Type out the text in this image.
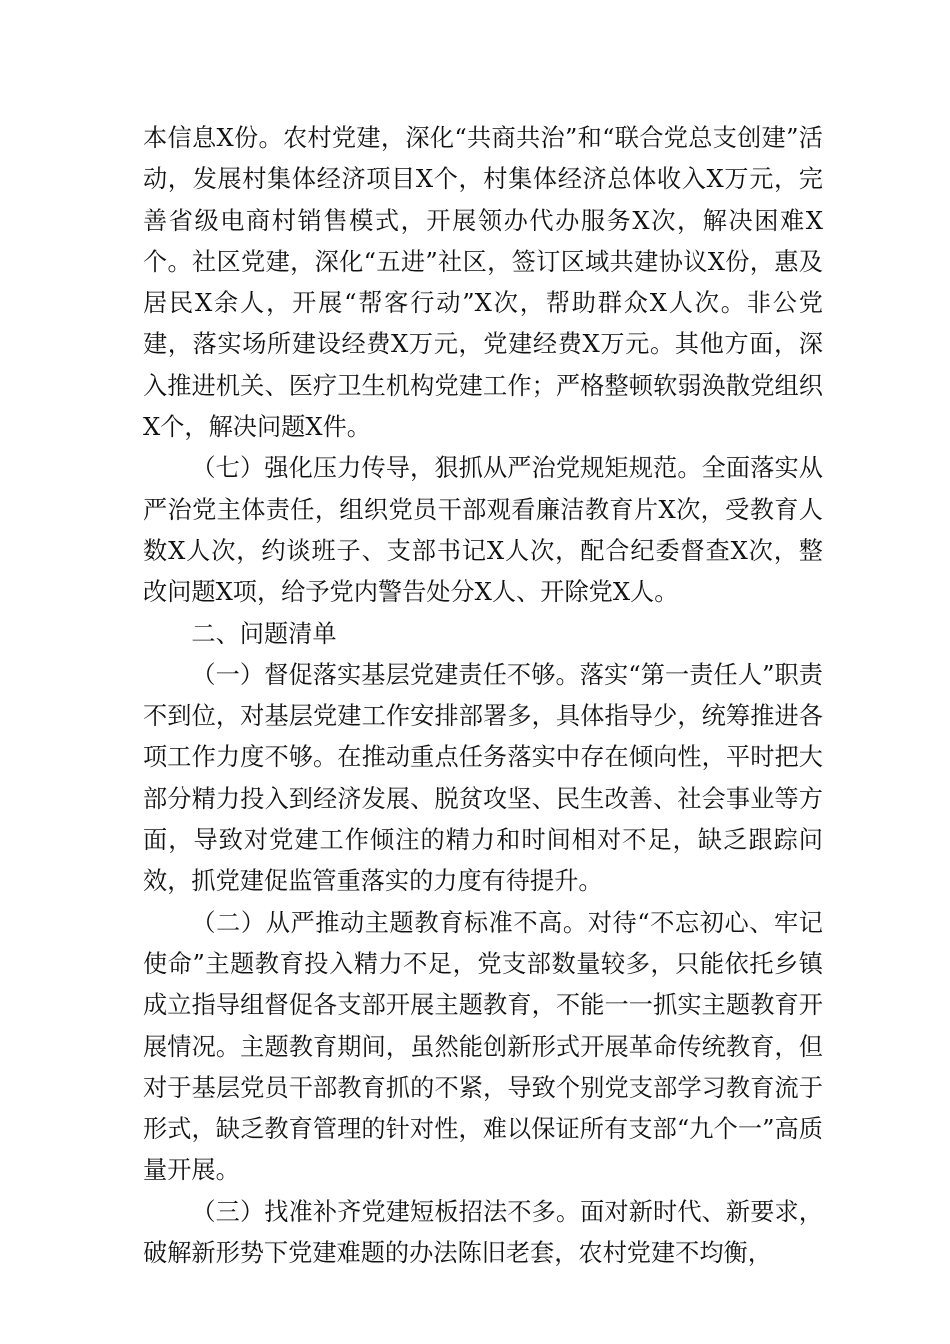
本信息X份。农村党建，深化“共商共治”和“联合党总支创建”活动，发展村集体经济项目X个，村集体经济总体收入X万元，完善省级电商村销售模式，开展领办代办服务X次，解决困难X个。社区党建，深化“五进”社区，签订区域共建协议X份，惠及居民X余人，开展“帮客行动”X次，帮助群众X人次。非公党建，落实场所建设经费X万元，党建经费X万元。其他方面，深入推进机关、医疗卫生机构党建工作；严格整顿软弱涣散党组织X个，解决问题X件。

（七）强化压力传导，狠抓从严治党规矩规范。全面落实从严治党主体责任，组织党员干部观看廉洁教育片X次，受教育人数X人次，约谈班子、支部书记X人次，配合纪委督查X次，整改问题X项，给予党内警告处分X人、开除党X人。

二、问题清单

（一）督促落实基层党建责任不够。落实“第一责任人”职责不到位，对基层党建工作安排部署多，具体指导少，统筹推进各项工作力度不够。在推动重点任务落实中存在倾向性，平时把大部分精力投入到经济发展、脱贫攻坚、民生改善、社会事业等方面，导致对党建工作倾注的精力和时间相对不足，缺乏跟踪问效，抓党建促监管重落实的力度有待提升。

（二）从严推动主题教育标准不高。对待“不忘初心、牢记使命”主题教育投入精力不足，党支部数量较多，只能依托乡镇成立指导组督促各支部开展主题教育，不能一一抓实主题教育开展情况。主题教育期间，虽然能创新形式开展革命传统教育，但对于基层党员干部教育抓的不紧，导致个别党支部学习教育流于形式，缺乏教育管理的针对性，难以保证所有支部“九个一”高质量开展。

（三）找准补齐党建短板招法不多。面对新时代、新要求，破解新形势下党建难题的办法陈旧老套，农村党建不均衡，
